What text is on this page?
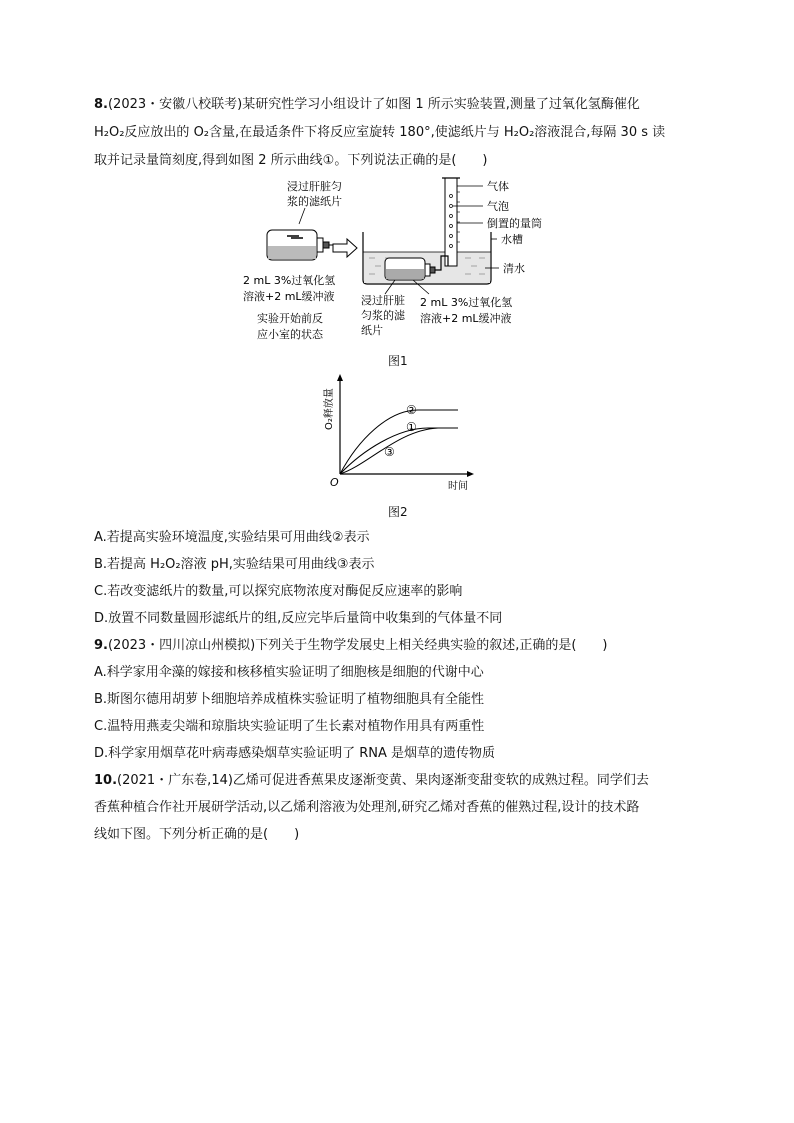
8.(2023・安徽八校联考)某研究性学习小组设计了如图 1 所示实验装置,测量了过氧化氢酶催化
H₂O₂反应放出的 O₂含量,在最适条件下将反应室旋转 180°,使滤纸片与 H₂O₂溶液混合,每隔 30 s 读
取并记录量筒刻度,得到如图 2 所示曲线①。下列说法正确的是(　　)
浸过肝脏匀
浆的滤纸片
2 mL 3%过氧化氢
溶液+2 mL缓冲液
实验开始前反
应小室的状态
气体
气泡
倒置的量筒
水槽
清水
浸过肝脏
匀浆的滤
纸片
2 mL 3%过氧化氢
溶液+2 mL缓冲液
图1
O₂释放量
O	时间
②
①
③
图2
A.若提高实验环境温度,实验结果可用曲线②表示
B.若提高 H₂O₂溶液 pH,实验结果可用曲线③表示
C.若改变滤纸片的数量,可以探究底物浓度对酶促反应速率的影响
D.放置不同数量圆形滤纸片的组,反应完毕后量筒中收集到的气体量不同
9.(2023・四川凉山州模拟)下列关于生物学发展史上相关经典实验的叙述,正确的是(　　)
A.科学家用伞藻的嫁接和核移植实验证明了细胞核是细胞的代谢中心
B.斯图尔德用胡萝卜细胞培养成植株实验证明了植物细胞具有全能性
C.温特用燕麦尖端和琼脂块实验证明了生长素对植物作用具有两重性
D.科学家用烟草花叶病毒感染烟草实验证明了 RNA 是烟草的遗传物质
10.(2021・广东卷,14)乙烯可促进香蕉果皮逐渐变黄、果肉逐渐变甜变软的成熟过程。同学们去
香蕉种植合作社开展研学活动,以乙烯利溶液为处理剂,研究乙烯对香蕉的催熟过程,设计的技术路
线如下图。下列分析正确的是(　　)
